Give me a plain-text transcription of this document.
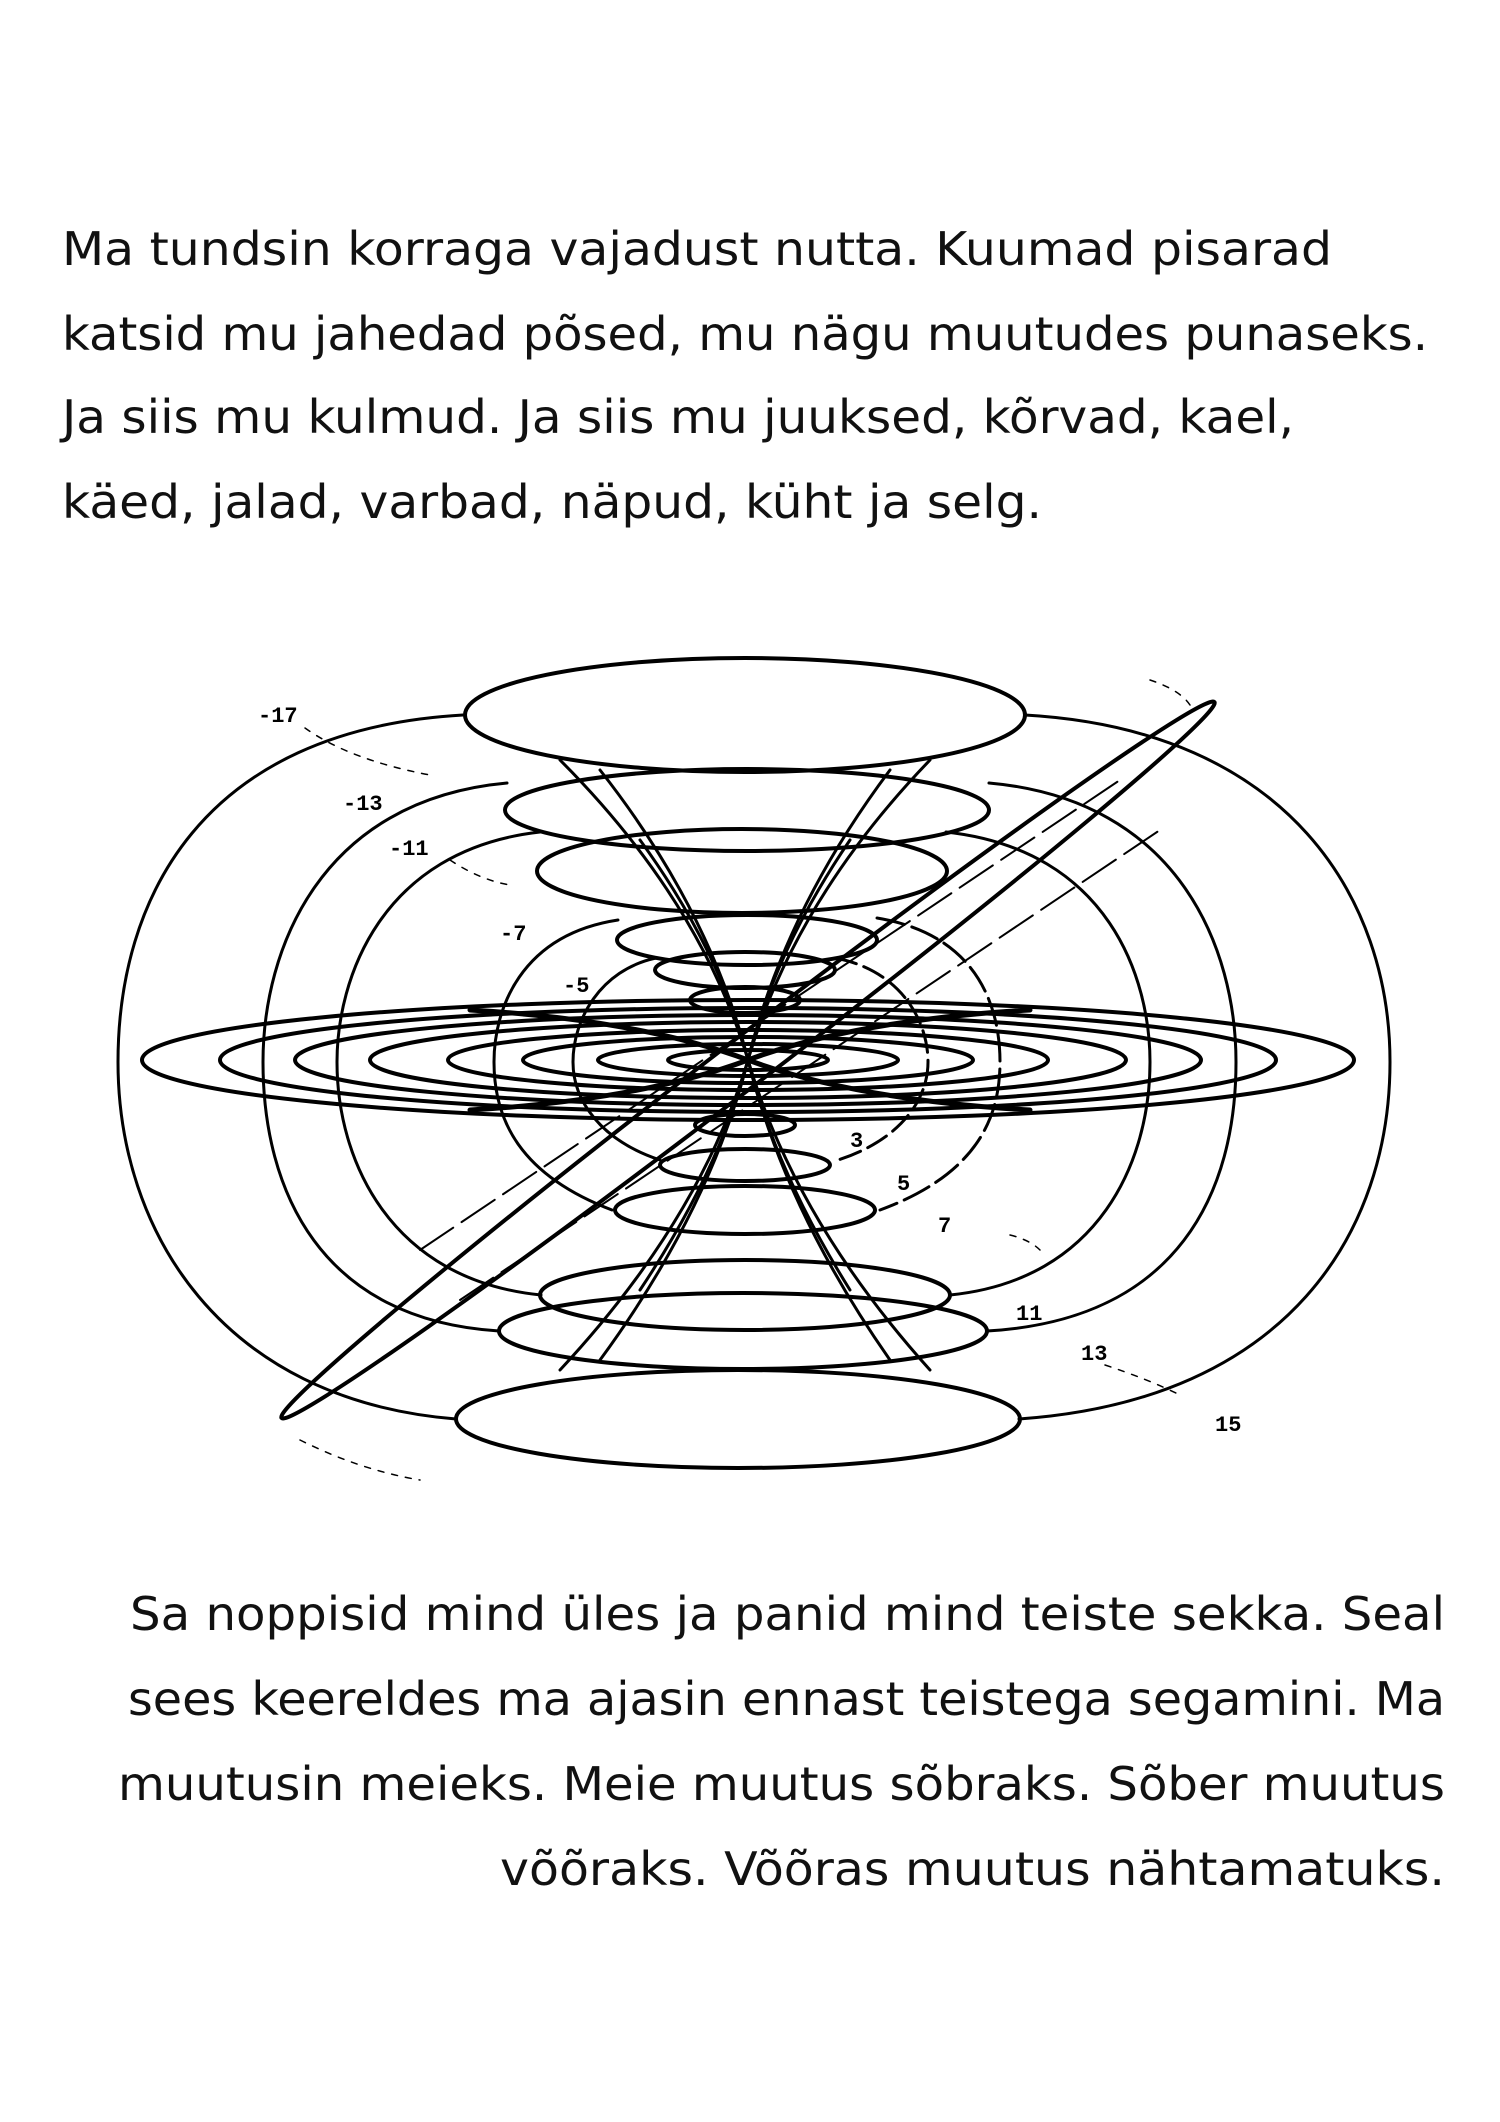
Ma tundsin korraga vajadust nutta. Kuumad pisarad
katsid mu jahedad põsed, mu nägu muutudes punaseks.
Ja siis mu kulmud. Ja siis mu juuksed, kõrvad, kael,
käed, jalad, varbad, näpud, küht ja selg.
-17
-13
-11
-7
-5
3
5
7
11
13
15
Sa noppisid mind üles ja panid mind teiste sekka. Seal
sees keereldes ma ajasin ennast teistega segamini. Ma
muutusin meieks. Meie muutus sõbraks. Sõber muutus
võõraks. Võõras muutus nähtamatuks.
